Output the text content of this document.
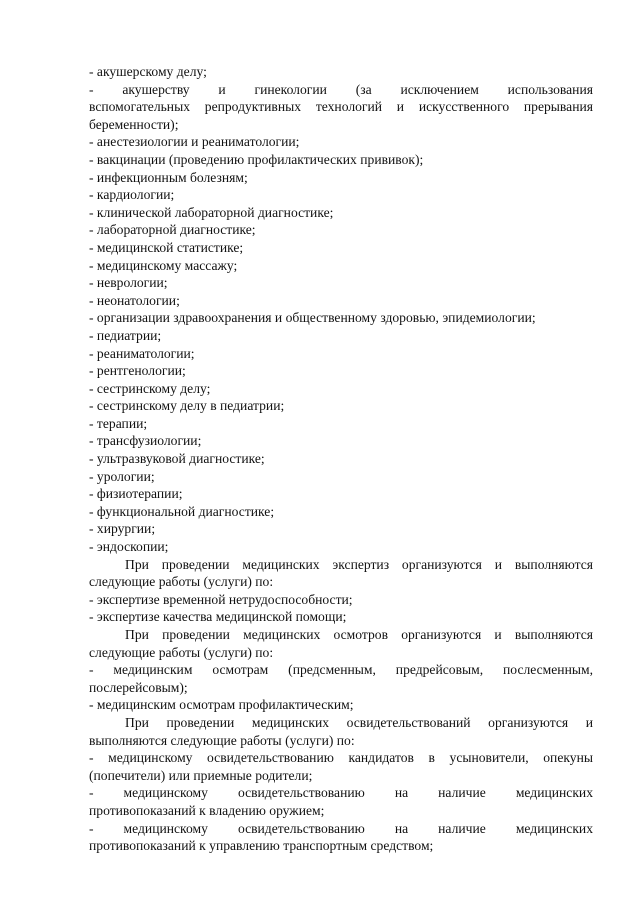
- акушерскому делу;
- акушерству и гинекологии (за исключением использования
вспомогательных репродуктивных технологий и искусственного прерывания
беременности);
- анестезиологии и реаниматологии;
- вакцинации (проведению профилактических прививок);
- инфекционным болезням;
- кардиологии;
- клинической лабораторной диагностике;
- лабораторной диагностике;
- медицинской статистике;
- медицинскому массажу;
- неврологии;
- неонатологии;
- организации здравоохранения и общественному здоровью, эпидемиологии;
- педиатрии;
- реаниматологии;
- рентгенологии;
- сестринскому делу;
- сестринскому делу в педиатрии;
- терапии;
- трансфузиологии;
- ультразвуковой диагностике;
- урологии;
- физиотерапии;
- функциональной диагностике;
- хирургии;
- эндоскопии;
При проведении медицинских экспертиз организуются и выполняются
следующие работы (услуги) по:
- экспертизе временной нетрудоспособности;
- экспертизе качества медицинской помощи;
При проведении медицинских осмотров организуются и выполняются
следующие работы (услуги) по:
- медицинским осмотрам (предсменным, предрейсовым, послесменным,
послерейсовым);
- медицинским осмотрам профилактическим;
При проведении медицинских освидетельствований организуются и
выполняются следующие работы (услуги) по:
- медицинскому освидетельствованию кандидатов в усыновители, опекуны
(попечители) или приемные родители;
- медицинскому освидетельствованию на наличие медицинских
противопоказаний к владению оружием;
- медицинскому освидетельствованию на наличие медицинских
противопоказаний к управлению транспортным средством;
